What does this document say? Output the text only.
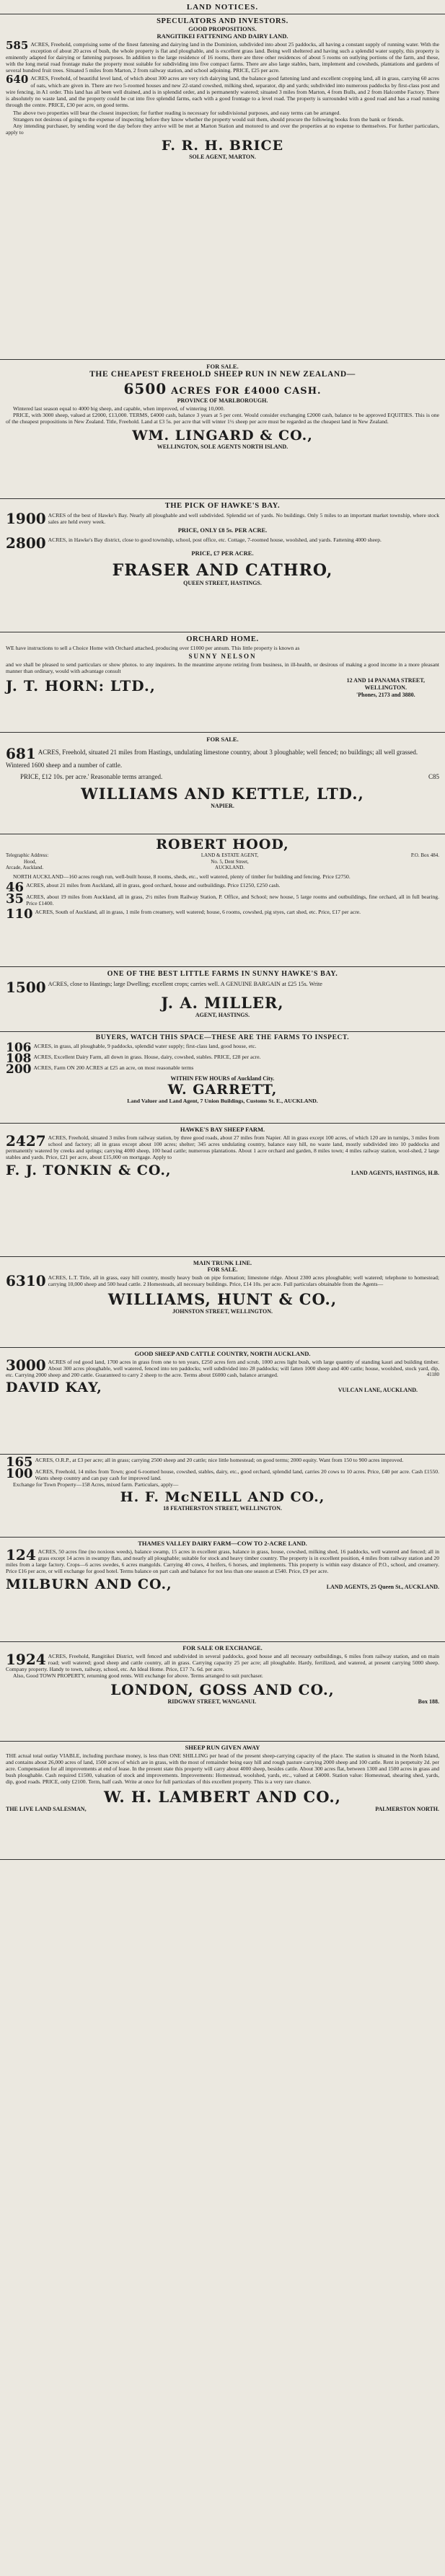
LAND NOTICES.
SPECULATORS AND INVESTORS.
GOOD PROPOSITIONS.
RANGITIKEI FATTENING AND DAIRY LAND.
585 ACRES, Freehold, comprising some of the finest fattening and dairying land in the Dominion, subdivided into about 25 paddocks, all having a constant supply of running water. With the exception of about 20 acres of bush, the whole property is flat and ploughable, and is excellent grass land. Being well sheltered and having such a splendid water supply, this property is eminently adapted for dairying or fattening purposes. In addition to the large residence of 16 rooms, there are three other residences of about 5 rooms on outlying portions of the farm, and these, with the long metal road frontage make the property most suitable for subdividing into five compact farms. There are also large stables, barn, implement and cowsheds, plantations and gardens of several hundred fruit trees. Situated 5 miles from Marton, 2 from railway station, and school adjoining. PRICE, £25 per acre.
640 ACRES, Freehold, of beautiful level land, of which about 300 acres are very rich dairying land, the balance good fattening land and excellent cropping land, all in grass, carrying 60 acres of oats, which are given in. There are two 5-roomed houses and new 22-stand cowshed, milking shed, separator, dip and yards; subdivided into numerous paddocks by first-class post and wire fencing, in A1 order. This land has all been well drained, and is in splendid order, and is permanently watered; situated 3 miles from Marton, 4 from Bulls, and 2 from Halcombe Factory. There is absolutely no waste land, and the property could be cut into five splendid farms, each with a good frontage to a level road. The property is surrounded with a good road and has a road running through the centre. PRICE, £30 per acre, on good terms.
The above two properties will bear the closest inspection; for further reading is necessary for subdivisional purposes, and easy terms can be arranged.
Strangers not desirous of going to the expense of inspecting before they know whether the property would suit them, should procure the following books from the bank or friends.
Any intending purchaser, by sending word the day before they arrive will be met at Marton Station and motored to and over the properties at no expense to themselves. For further particulars, apply to
F. R. H. BRICE
SOLE AGENT, MARTON.
FOR SALE.
THE CHEAPEST FREEHOLD SHEEP RUN IN NEW ZEALAND—
6500 ACRES FOR £4000 CASH.
PROVINCE OF MARLBOROUGH.
Wintered last season equal to 4000 big sheep, and capable, when improved, of wintering 10,000.
PRICE, with 3000 sheep, valued at £2000, £13,000. TERMS, £4000 cash, balance 3 years at 5 per cent. Would consider exchanging £2000 cash, balance to be approved EQUITIES. This is one of the cheapest propositions in New Zealand. Title, Freehold. Land at £3 5s. per acre that will winter 1½ sheep per acre must be regarded as the cheapest land in New Zealand.
WM. LINGARD & CO.,
WELLINGTON, SOLE AGENTS NORTH ISLAND.
THE PICK OF HAWKE'S BAY.
1900 ACRES of the best of Hawke's Bay. Nearly all ploughable and well subdivided. Splendid set of yards. No buildings. Only 5 miles to an important market township, where stock sales are held every week.
PRICE, ONLY £8 5s. PER ACRE.
2800 ACRES, in Hawke's Bay district, close to good township, school, post office, etc. Cottage, 7-roomed house, woolshed, and yards. Fattening 4000 sheep.
PRICE, £7 PER ACRE.
FRASER AND CATHRO,
QUEEN STREET, HASTINGS.
ORCHARD HOME.
WE have instructions to sell a Choice Home with Orchard attached, producing over £1000 per annum. This little property is known as
SUNNY NELSON
and we shall be pleased to send particulars or show photos. to any inquirers. In the meantime anyone retiring from business, in ill-health, or desirous of making a good income in a more pleasant manner than ordinary, would with advantage consult
J. T. HORN: LTD.,	12 AND 14 PANAMA STREET,
WELLINGTON.
'Phones, 2173 and 3880.
FOR SALE.
681 ACRES, Freehold, situated 21 miles from Hastings, undulating limestone country, about 3 ploughable; well fenced; no buildings; all well grassed.
Wintered 1600 sheep and a number of cattle.
PRICE, £12 10s. per acre.' Reasonable terms arranged.	C85
WILLIAMS AND KETTLE, LTD.,
NAPIER.
ROBERT HOOD,
Telegraphic Address:
Hood,
Arcade, Auckland.
LAND & ESTATE AGENT,
No. 5, Dent Street,
AUCKLAND.
P.O. Box 484.
NORTH AUCKLAND—160 acres rough run, well-built house, 8 rooms, sheds, etc., well watered, plenty of timber for building and fencing. Price £2750.
46 ACRES, about 21 miles from Auckland, all in grass, good orchard, house and outbuildings. Price £1250, £250 cash.
35 ACRES, about 19 miles from Auckland, all in grass, 2½ miles from Railway Station, P. Office, and School; new house, 5 large rooms and outbuildings, fine orchard, all in full bearing. Price £1400.
110 ACRES, South of Auckland, all in grass, 1 mile from creamery, well watered; house, 6 rooms, cowshed, pig styes, cart shed, etc. Price, £17 per acre.
ONE OF THE BEST LITTLE FARMS IN SUNNY HAWKE'S BAY.
1500 ACRES, close to Hastings; large Dwelling; excellent crops; carries well. A GENUINE BARGAIN at £25 15s. Write
J. A. MILLER,
AGENT, HASTINGS.
BUYERS, WATCH THIS SPACE—THESE ARE THE FARMS TO INSPECT.
106 ACRES, in grass, all ploughable, 9 paddocks, splendid water supply; first-class land, good house, etc.
108 ACRES, Excellent Dairy Farm, all down in grass. House, dairy, cowshed, stables. PRICE, £28 per acre.
200 ACRES, Farm ON 200 ACRES at £25 an acre, on most reasonable terms
WITHIN FEW HOURS of Auckland City.
W. GARRETT,
Land Valuer and Land Agent, 7 Union Buildings, Customs St. E., AUCKLAND.
HAWKE'S BAY SHEEP FARM.
2427 ACRES, Freehold, situated 3 miles from railway station, by three good roads, about 27 miles from Napier. All in grass except 100 acres, of which 120 are in turnips, 3 miles from school and factory; all in grass except about 100 acres; shelter; 345 acres undulating country, balance easy hill, no waste land, mostly subdivided into 10 paddocks and permanently watered by creeks and springs; carrying 4000 sheep, 100 head cattle; numerous plantations. About 1 acre orchard and garden, 8 miles town; 4 miles railway station, wool-shed, 2 large stables and yards. Price, £21 per acre, about £15,000 on mortgage. Apply to
F. J. TONKIN & CO.,	LAND AGENTS, HASTINGS, H.B.
MAIN TRUNK LINE.
FOR SALE.
6310 ACRES, L.T. Title, all in grass, easy hill country, mostly heavy bush on pipe formation; limestone ridge. About 2300 acres ploughable; well watered; telephone to homestead; carrying 10,000 sheep and 500 head cattle. 2 Homesteads, all necessary buildings. Price, £14 10s. per acre. Full particulars obtainable from the Agents—
WILLIAMS, HUNT & CO.,
JOHNSTON STREET, WELLINGTON.
GOOD SHEEP AND CATTLE COUNTRY, NORTH AUCKLAND.
3000 ACRES of red good land, 1700 acres in grass from one to ten years, £250 acres fern and scrub, 1000 acres light bush, with large quantity of standing kauri and building timber. About 300 acres ploughable, well watered, fenced into ten paddocks; well subdivided into 28 paddocks; will fatten 1000 sheep and 400 cattle; house, woolshed, stock yard, dip, etc. Carrying 2000 sheep and 200 cattle. Guaranteed to carry 2 sheep to the acre. Terms about £6000 cash, balance arranged.	41180
DAVID KAY,	VULCAN LANE, AUCKLAND.
165 ACRES, O.R.P., at £3 per acre; all in grass; carrying 2500 sheep and 20 cattle; nice little homestead; on good terms; 2000 equity. Want from 150 to 900 acres improved.
100 ACRES, Freehold, 14 miles from Town; good 6-roomed house, cowshed, stables, dairy, etc., good orchard, splendid land, carries 20 cows to 10 acres. Price, £40 per acre. Cash £1550. Wants sheep country and can pay cash for improved land.
Exchange for Town Property—158 Acres, mixed farm. Particulars, apply—
H. F. McNEILL AND CO.,
18 FEATHERSTON STREET, WELLINGTON.
THAMES VALLEY DAIRY FARM—COW TO 2-ACRE LAND.
124 ACRES, 50 acres fine (no noxious weeds), balance swamp, 15 acres in excellent grass, balance in grass, house, cowshed, milking shed, 16 paddocks, well watered and fenced; all in grass except 14 acres in swampy flats, and nearly all ploughable; suitable for stock and heavy timber country. The property is in excellent position, 4 miles from railway station and 20 miles from a large factory. Crops—6 acres swedes, 6 acres mangolds. Carrying 40 cows, 4 heifers, 6 horses, and implements. This property is within easy distance of P.O., school, and creamery. Price £16 per acre, or will exchange for good hotel. Terms balance on part cash and balance for not less than one season at £540. Price, £9 per acre.
MILBURN AND CO.,	LAND AGENTS, 25 Queen St., AUCKLAND.
FOR SALE OR EXCHANGE.
1924 ACRES, Freehold, Rangitikei District, well fenced and subdivided in several paddocks, good house and all necessary outbuildings, 6 miles from railway station, and on main road; well watered; good sheep and cattle country, all in grass. Carrying capacity 25 per acre; all ploughable. Hardy, fertilized, and watered, at present carrying 5000 sheep. Company property. Handy to town, railway, school, etc. An Ideal Home. Price, £17 7s. 6d. per acre.
Also, Good TOWN PROPERTY, returning good rents. Will exchange for above. Terms arranged to suit purchaser.
LONDON, GOSS AND CO.,
RIDGWAY STREET, WANGANUI.	Box 188.
SHEEP RUN GIVEN AWAY
THE actual total outlay VIABLE, including purchase money, is less than ONE SHILLING per head of the present sheep-carrying capacity of the place. The station is situated in the North Island, and contains about 26,000 acres of land, 1500 acres of which are in grass, with the most of remainder being easy hill and rough pasture carrying 2000 sheep and 100 cattle. Rent in perpetuity 2d. per acre. Compensation for all improvements at end of lease. In the present state this property will carry about 4000 sheep, besides cattle. About 300 acres flat, between 1300 and 1500 acres in grass and bush ploughable. Cash required £1500, valuation of stock and improvements. Improvements: Homestead, woolshed, yards, etc., valued at £4000. Station value: Homestead, shearing shed, yards, dip, good roads. PRICE, only £2100. Term, half cash. Write at once for full particulars of this excellent property. This is a very rare chance.
W. H. LAMBERT AND CO.,
THE LIVE LAND SALESMAN,	PALMERSTON NORTH.
